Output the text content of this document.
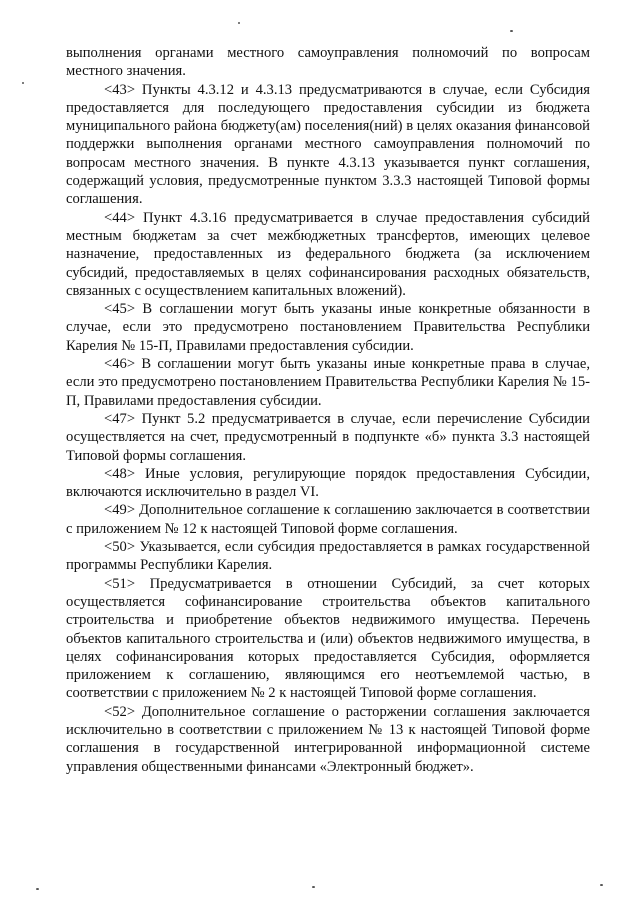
выполнения органами местного самоуправления полномочий по вопросам местного значения.

<43> Пункты 4.3.12 и 4.3.13 предусматриваются в случае, если Субсидия предоставляется для последующего предоставления субсидии из бюджета муниципального района бюджету(ам) поселения(ний) в целях оказания финансовой поддержки выполнения органами местного самоуправления полномочий по вопросам местного значения. В пункте 4.3.13 указывается пункт соглашения, содержащий условия, предусмотренные пунктом 3.3.3 настоящей Типовой формы соглашения.

<44> Пункт 4.3.16 предусматривается в случае предоставления субсидий местным бюджетам за счет межбюджетных трансфертов, имеющих целевое назначение, предоставленных из федерального бюджета (за исключением субсидий, предоставляемых в целях софинансирования расходных обязательств, связанных с осуществлением капитальных вложений).

<45> В соглашении могут быть указаны иные конкретные обязанности в случае, если это предусмотрено постановлением Правительства Республики Карелия № 15-П, Правилами предоставления субсидии.

<46> В соглашении могут быть указаны иные конкретные права в случае, если это предусмотрено постановлением Правительства Республики Карелия № 15-П, Правилами предоставления субсидии.

<47> Пункт 5.2 предусматривается в случае, если перечисление Субсидии осуществляется на счет, предусмотренный в подпункте «б» пункта 3.3 настоящей Типовой формы соглашения.

<48> Иные условия, регулирующие порядок предоставления Субсидии, включаются исключительно в раздел VI.

<49> Дополнительное соглашение к соглашению заключается в соответствии с приложением № 12 к настоящей Типовой форме соглашения.

<50> Указывается, если субсидия предоставляется в рамках государственной программы Республики Карелия.

<51> Предусматривается в отношении Субсидий, за счет которых осуществляется софинансирование строительства объектов капитального строительства и приобретение объектов недвижимого имущества. Перечень объектов капитального строительства и (или) объектов недвижимого имущества, в целях софинансирования которых предоставляется Субсидия, оформляется приложением к соглашению, являющимся его неотъемлемой частью, в соответствии с приложением № 2 к настоящей Типовой форме соглашения.

<52> Дополнительное соглашение о расторжении соглашения заключается исключительно в соответствии с приложением № 13 к настоящей Типовой форме соглашения в государственной интегрированной информационной системе управления общественными финансами «Электронный бюджет».
